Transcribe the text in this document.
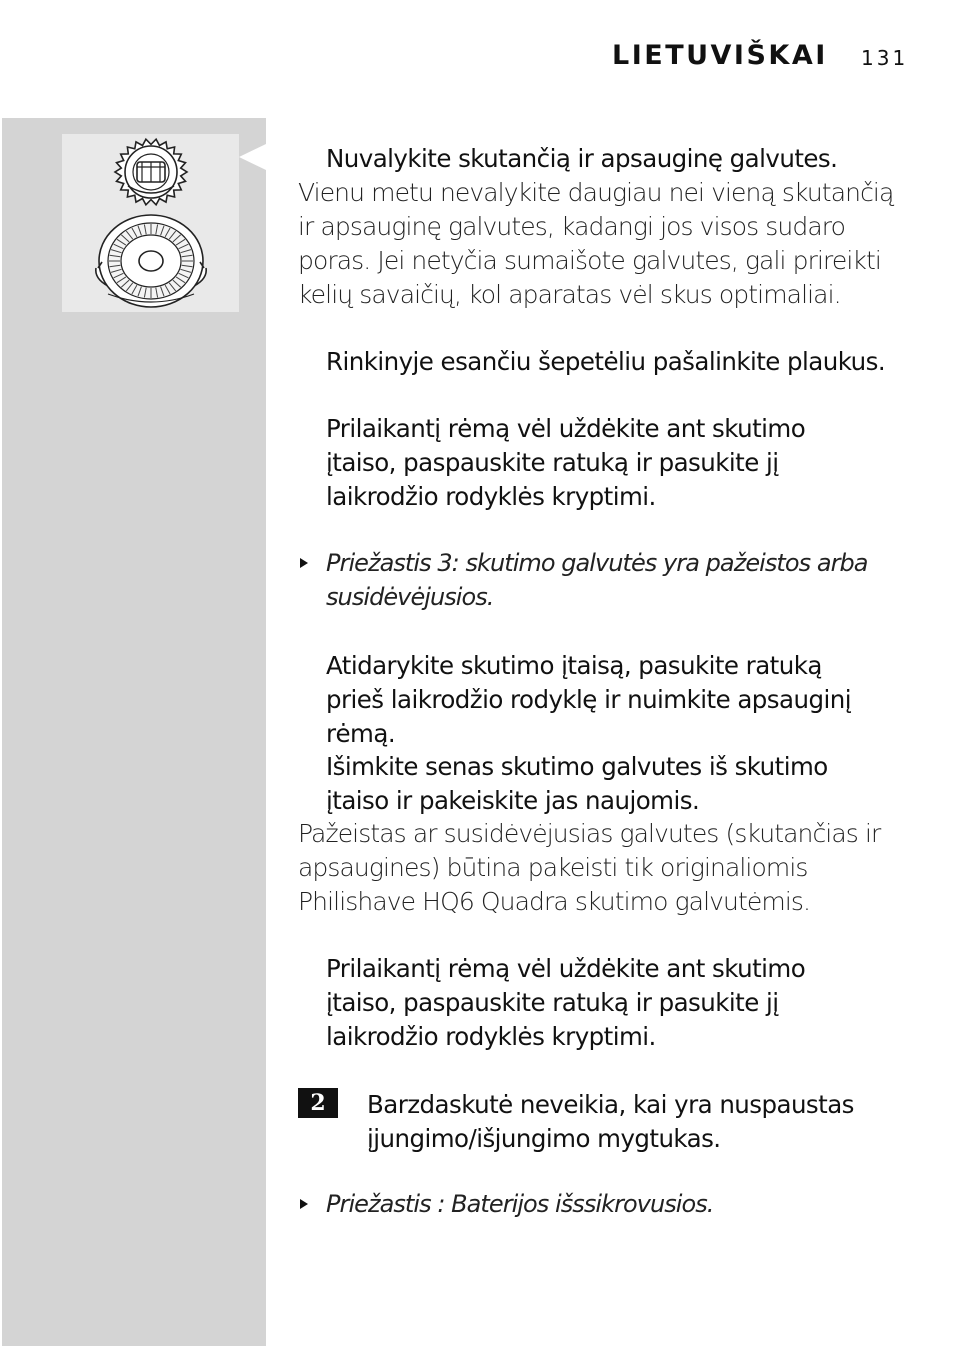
LIETUVIŠKAI 131

Nuvalykite skutančią ir apsauginę galvutes.

Vienu metu nevalykite daugiau nei vieną skutančią

ir apsauginę galvutes, kadangi jos visos sudaro

poras. Jei netyčia sumaišote galvutes, gali prireikti

kelių savaičių, kol aparatas vėl skus optimaliai.

Rinkinyje esančiu šepetėliu pašalinkite plaukus.

Prilaikantį rėmą vėl uždėkite ant skutimo

įtaiso, paspauskite ratuką ir pasukite jį

laikrodžio rodyklės kryptimi.

Priežastis 3: skutimo galvutės yra pažeistos arba

susidėvėjusios.

Atidarykite skutimo įtaisą, pasukite ratuką

prieš laikrodžio rodyklę ir nuimkite apsauginį

rėmą.

Išimkite senas skutimo galvutes iš skutimo

įtaiso ir pakeiskite jas naujomis.

Pažeistas ar susidėvėjusias galvutes (skutančias ir

apsaugines) būtina pakeisti tik originaliomis

Philishave HQ6 Quadra skutimo galvutėmis.

Prilaikantį rėmą vėl uždėkite ant skutimo

įtaiso, paspauskite ratuką ir pasukite jį

laikrodžio rodyklės kryptimi.

2	Barzdaskutė neveikia, kai yra nuspaustas

įjungimo/išjungimo mygtukas.

Priežastis : Baterijos išssikrovusios.
